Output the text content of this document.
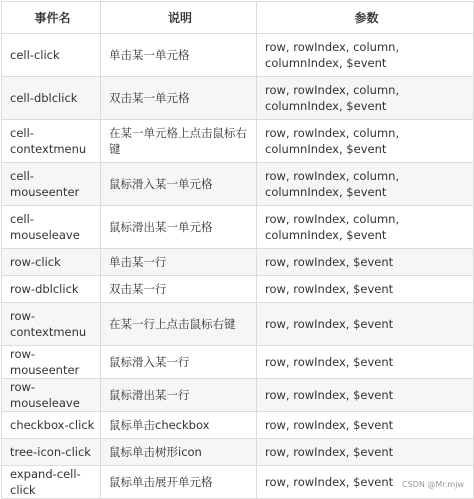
事件名	说明	参数
cell-click	单击某一单元格	row, rowIndex, column, columnIndex, $event
cell-dblclick	双击某一单元格	row, rowIndex, column, columnIndex, $event
cell-contextmenu	在某一单元格上点击鼠标右键	row, rowIndex, column, columnIndex, $event
cell-mouseenter	鼠标滑入某一单元格	row, rowIndex, column, columnIndex, $event
cell-mouseleave	鼠标滑出某一单元格	row, rowIndex, column, columnIndex, $event
row-click	单击某一行	row, rowIndex, $event
row-dblclick	双击某一行	row, rowIndex, $event
row-contextmenu	在某一行上点击鼠标右键	row, rowIndex, $event
row-mouseenter	鼠标滑入某一行	row, rowIndex, $event
row-mouseleave	鼠标滑出某一行	row, rowIndex, $event
checkbox-click	鼠标单击checkbox	row, rowIndex, $event
tree-icon-click	鼠标单击树形icon	row, rowIndex, $event
expand-cell-click	鼠标单击展开单元格	row, rowIndex, $event CSDN @Mr.mjw
